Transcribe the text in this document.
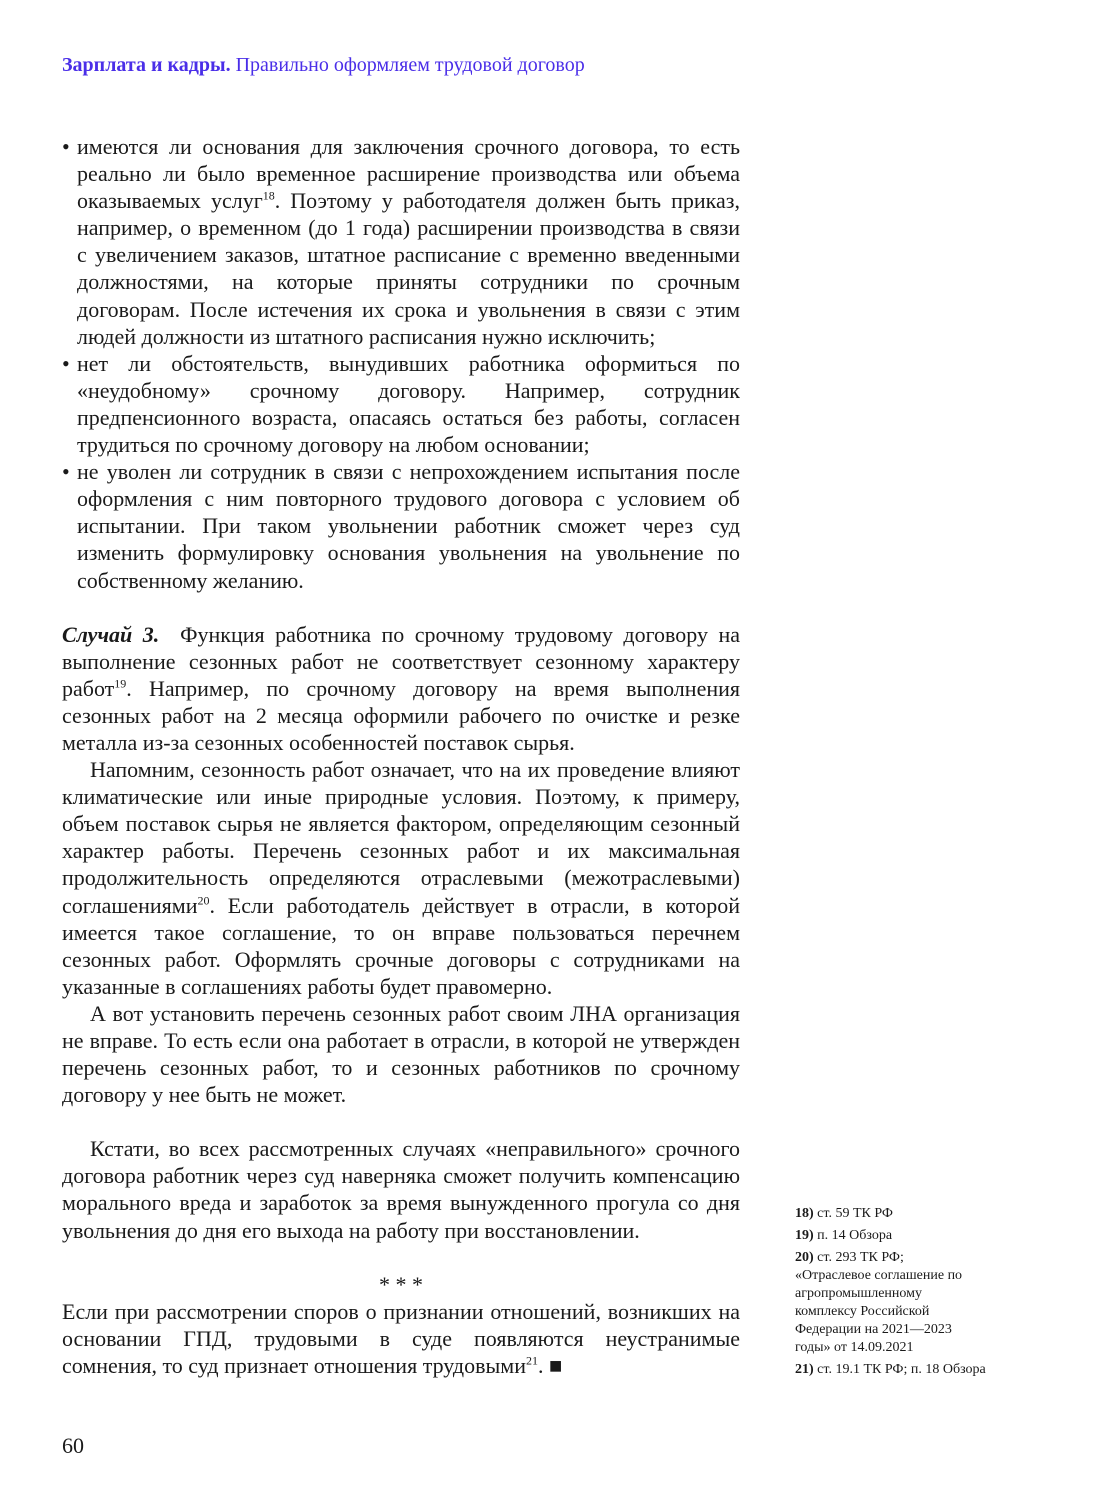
Зарплата и кадры. Правильно оформляем трудовой договор
• имеются ли основания для заключения срочного договора, то есть реально ли было временное расширение производства или объема оказываемых услуг$^{18}$. Поэтому у работодателя должен быть приказ, например, о временном (до 1 года) расширении производства в связи с увеличением заказов, штатное расписание с временно введенными должностями, на которые приняты сотрудники по срочным договорам. После истечения их срока и увольнения в связи с этим людей должности из штатного расписания нужно исключить;
• нет ли обстоятельств, вынудивших работника оформиться по «неудобному» срочному договору. Например, сотрудник предпенсионного возраста, опасаясь остаться без работы, согласен трудиться по срочному договору на любом основании;
• не уволен ли сотрудник в связи с непрохождением испытания после оформления с ним повторного трудового договора с условием об испытании. При таком увольнении работник сможет через суд изменить формулировку основания увольнения на увольнение по собственному желанию.

Случай 3. Функция работника по срочному трудовому договору на выполнение сезонных работ не соответствует сезонному характеру работ$^{19}$. Например, по срочному договору на время выполнения сезонных работ на 2 месяца оформили рабочего по очистке и резке металла из-за сезонных особенностей поставок сырья.

Напомним, сезонность работ означает, что на их проведение влияют климатические или иные природные условия. Поэтому, к примеру, объем поставок сырья не является фактором, определяющим сезонный характер работы. Перечень сезонных работ и их максимальная продолжительность определяются отраслевыми (межотраслевыми) соглашениями$^{20}$. Если работодатель действует в отрасли, в которой имеется такое соглашение, то он вправе пользоваться перечнем сезонных работ. Оформлять срочные договоры с сотрудниками на указанные в соглашениях работы будет правомерно.

А вот установить перечень сезонных работ своим ЛНА организация не вправе. То есть если она работает в отрасли, в которой не утвержден перечень сезонных работ, то и сезонных работников по срочному договору у нее быть не может.

Кстати, во всех рассмотренных случаях «неправильного» срочного договора работник через суд наверняка сможет получить компенсацию морального вреда и заработок за время вынужденного прогула со дня увольнения до дня его выхода на работу при восстановлении.

* * *

Если при рассмотрении споров о признании отношений, возникших на основании ГПД, трудовыми в суде появляются неустранимые сомнения, то суд признает отношения трудовыми$^{21}$. ■

18) ст. 59 ТК РФ
19) п. 14 Обзора
20) ст. 293 ТК РФ; «Отраслевое соглашение по агропромышленному комплексу Российской Федерации на 2021—2023 годы» от 14.09.2021
21) ст. 19.1 ТК РФ; п. 18 Обзора
60
